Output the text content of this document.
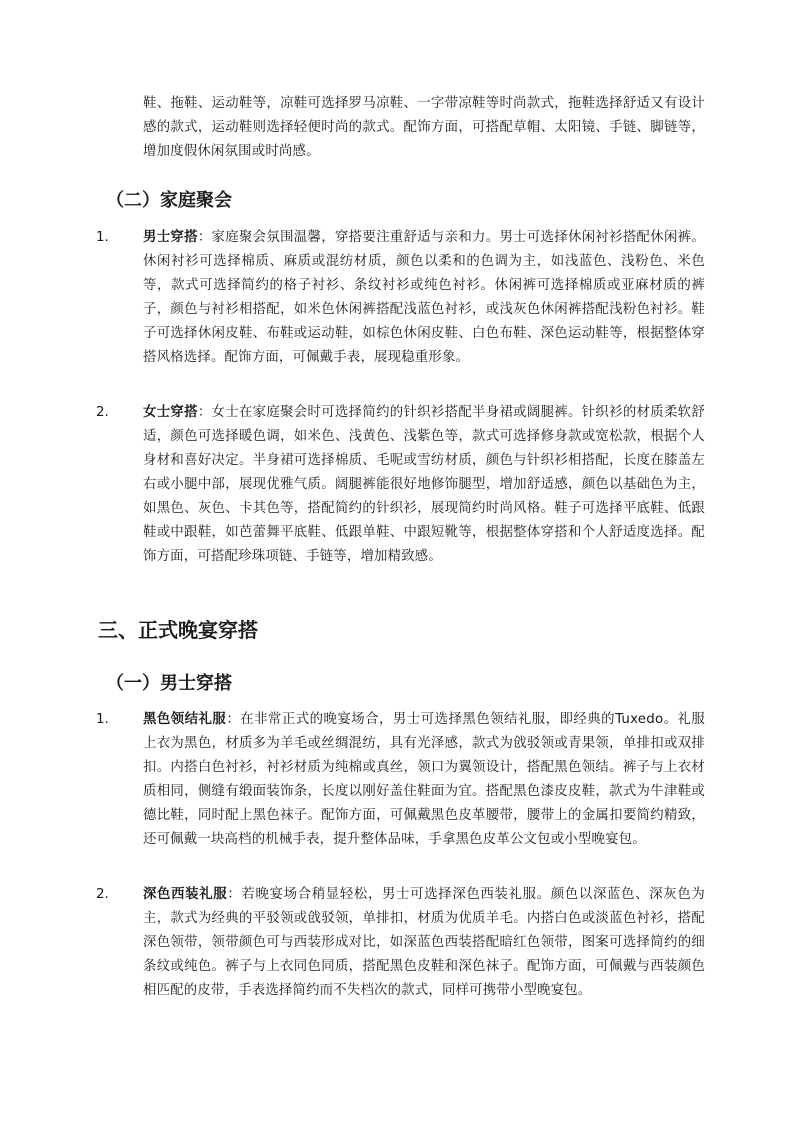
鞋、拖鞋、运动鞋等，凉鞋可选择罗马凉鞋、一字带凉鞋等时尚款式，拖鞋选择舒适又有设计感的款式，运动鞋则选择轻便时尚的款式。配饰方面，可搭配草帽、太阳镜、手链、脚链等，增加度假休闲氛围或时尚感。

（二）家庭聚会
1.	男士穿搭：家庭聚会氛围温馨，穿搭要注重舒适与亲和力。男士可选择休闲衬衫搭配休闲裤。休闲衬衫可选择棉质、麻质或混纺材质，颜色以柔和的色调为主，如浅蓝色、浅粉色、米色等，款式可选择简约的格子衬衫、条纹衬衫或纯色衬衫。休闲裤可选择棉质或亚麻材质的裤子，颜色与衬衫相搭配，如米色休闲裤搭配浅蓝色衬衫，或浅灰色休闲裤搭配浅粉色衬衫。鞋子可选择休闲皮鞋、布鞋或运动鞋，如棕色休闲皮鞋、白色布鞋、深色运动鞋等，根据整体穿搭风格选择。配饰方面，可佩戴手表，展现稳重形象。

2.	女士穿搭：女士在家庭聚会时可选择简约的针织衫搭配半身裙或阔腿裤。针织衫的材质柔软舒适，颜色可选择暖色调，如米色、浅黄色、浅紫色等，款式可选择修身款或宽松款，根据个人身材和喜好决定。半身裙可选择棉质、毛呢或雪纺材质，颜色与针织衫相搭配，长度在膝盖左右或小腿中部，展现优雅气质。阔腿裤能很好地修饰腿型，增加舒适感，颜色以基础色为主，如黑色、灰色、卡其色等，搭配简约的针织衫，展现简约时尚风格。鞋子可选择平底鞋、低跟鞋或中跟鞋，如芭蕾舞平底鞋、低跟单鞋、中跟短靴等，根据整体穿搭和个人舒适度选择。配饰方面，可搭配珍珠项链、手链等，增加精致感。

三、正式晚宴穿搭
（一）男士穿搭
1.	黑色领结礼服：在非常正式的晚宴场合，男士可选择黑色领结礼服，即经典的Tuxedo。礼服上衣为黑色，材质多为羊毛或丝绸混纺，具有光泽感，款式为戗驳领或青果领，单排扣或双排扣。内搭白色衬衫，衬衫材质为纯棉或真丝，领口为翼领设计，搭配黑色领结。裤子与上衣材质相同，侧缝有缎面装饰条，长度以刚好盖住鞋面为宜。搭配黑色漆皮皮鞋，款式为牛津鞋或德比鞋，同时配上黑色袜子。配饰方面，可佩戴黑色皮革腰带，腰带上的金属扣要简约精致，还可佩戴一块高档的机械手表，提升整体品味，手拿黑色皮革公文包或小型晚宴包。

2.	深色西装礼服：若晚宴场合稍显轻松，男士可选择深色西装礼服。颜色以深蓝色、深灰色为主，款式为经典的平驳领或戗驳领，单排扣，材质为优质羊毛。内搭白色或淡蓝色衬衫，搭配深色领带，领带颜色可与西装形成对比，如深蓝色西装搭配暗红色领带，图案可选择简约的细条纹或纯色。裤子与上衣同色同质，搭配黑色皮鞋和深色袜子。配饰方面，可佩戴与西装颜色相匹配的皮带，手表选择简约而不失档次的款式，同样可携带小型晚宴包。
